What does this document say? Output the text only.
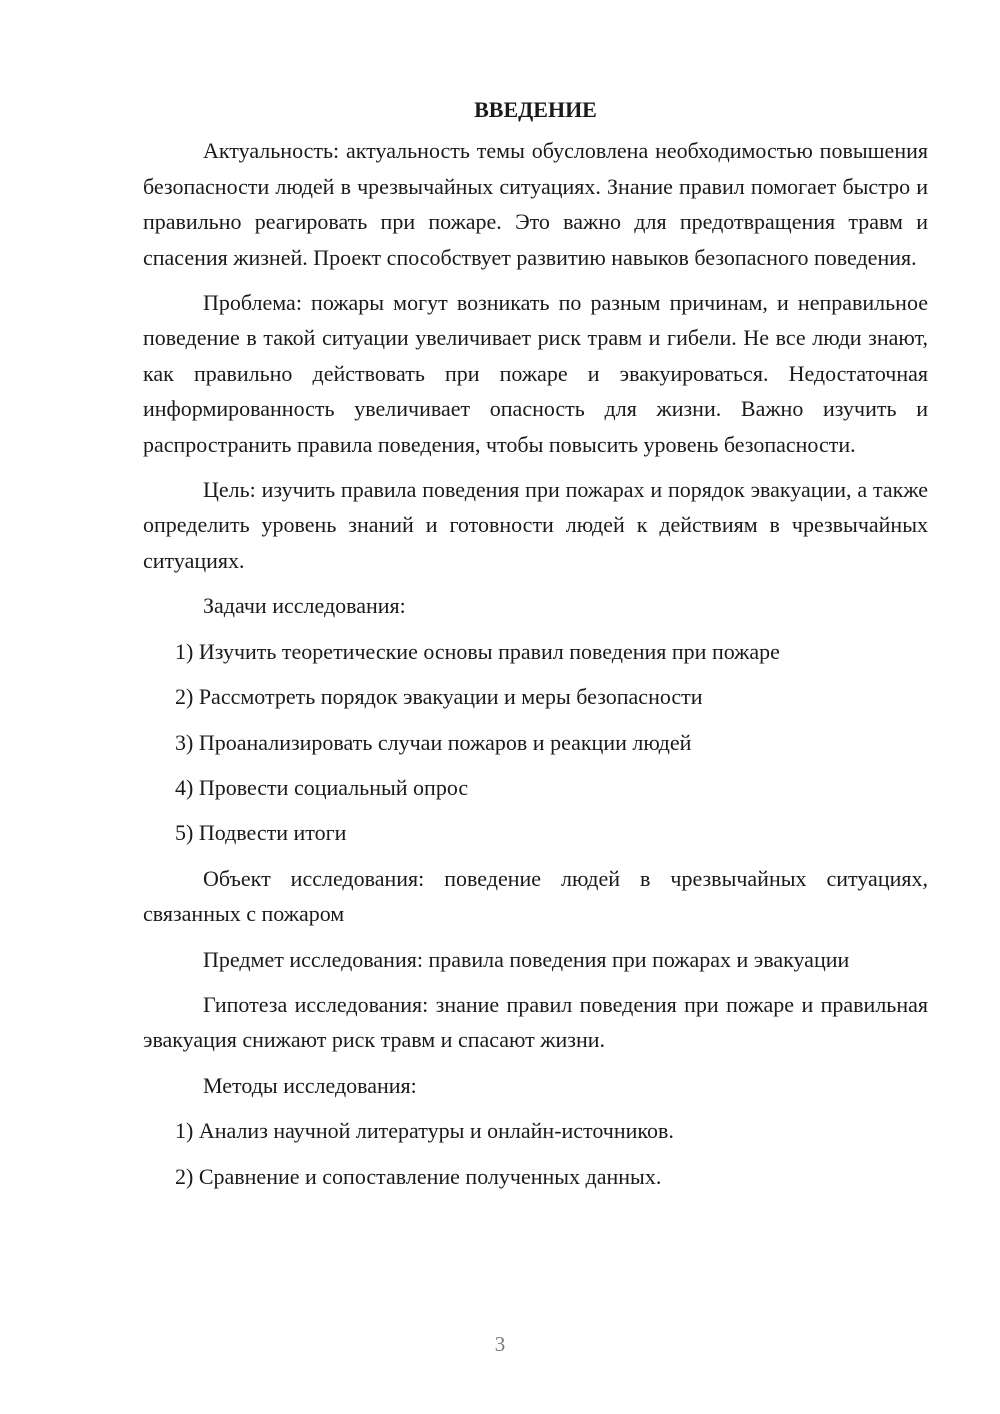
ВВЕДЕНИЕ

Актуальность: актуальность темы обусловлена необходимостью повышения безопасности людей в чрезвычайных ситуациях. Знание правил помогает быстро и правильно реагировать при пожаре. Это важно для предотвращения травм и спасения жизней. Проект способствует развитию навыков безопасного поведения.

Проблема: пожары могут возникать по разным причинам, и неправильное поведение в такой ситуации увеличивает риск травм и гибели. Не все люди знают, как правильно действовать при пожаре и эвакуироваться. Недостаточная информированность увеличивает опасность для жизни. Важно изучить и распространить правила поведения, чтобы повысить уровень безопасности.

Цель: изучить правила поведения при пожарах и порядок эвакуации, а также определить уровень знаний и готовности людей к действиям в чрезвычайных ситуациях.

Задачи исследования:

1) Изучить теоретические основы правил поведения при пожаре
2) Рассмотреть порядок эвакуации и меры безопасности
3) Проанализировать случаи пожаров и реакции людей
4) Провести социальный опрос
5) Подвести итоги

Объект исследования: поведение людей в чрезвычайных ситуациях, связанных с пожаром

Предмет исследования: правила поведения при пожарах и эвакуации

Гипотеза исследования: знание правил поведения при пожаре и правильная эвакуация снижают риск травм и спасают жизни.

Методы исследования:

1) Анализ научной литературы и онлайн-источников.
2) Сравнение и сопоставление полученных данных.
3
